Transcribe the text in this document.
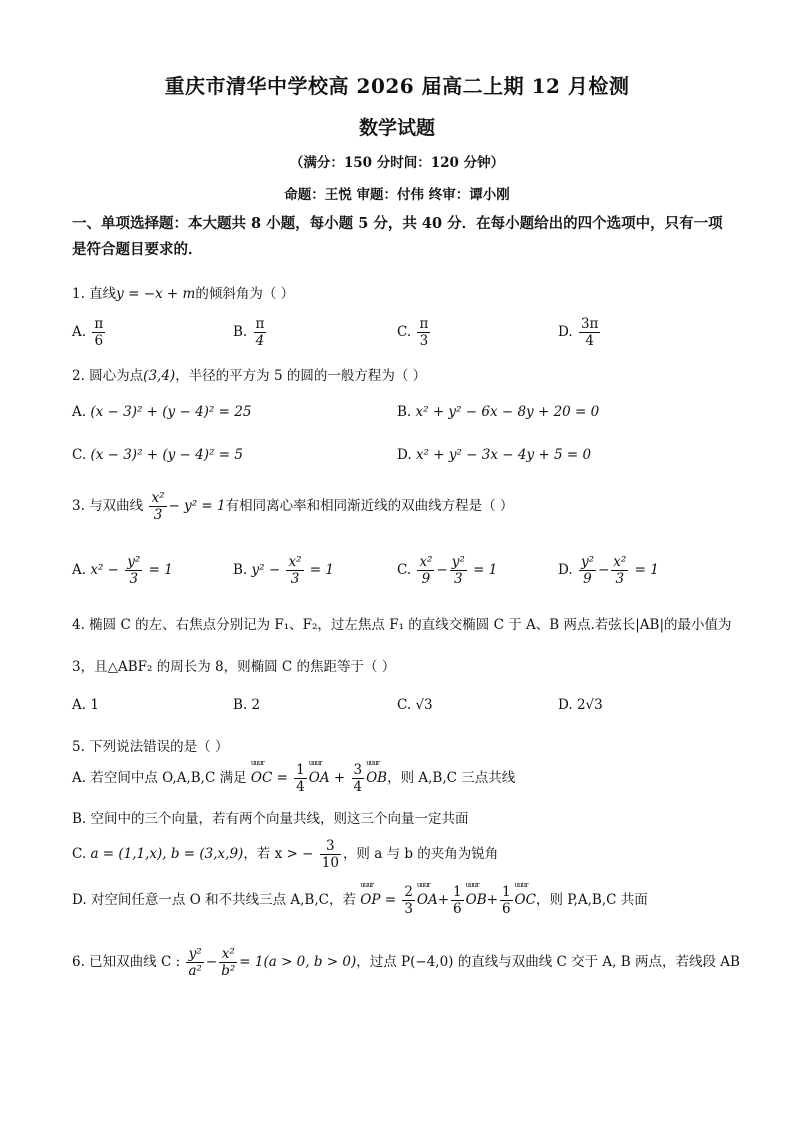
重庆市清华中学校高 2026 届高二上期 12 月检测
数学试题
（满分：150 分时间：120 分钟）
命题：王悦 审题：付伟 终审：谭小刚
一、单项选择题：本大题共 8 小题，每小题 5 分，共 40 分．在每小题给出的四个选项中，只有一项是符合题目要求的．
1. 直线y = −x + m的倾斜角为（ ）
A. $\frac{\pi}{6}$	B. $\frac{\pi}{4}$	C. $\frac{\pi}{3}$	D. $\frac{3\pi}{4}$
2. 圆心为点(3,4)，半径的平方为 5 的圆的一般方程为（ ）
A. (x − 3)² + (y − 4)² = 25	B. x² + y² − 6x − 8y + 20 = 0
C. (x − 3)² + (y − 4)² = 5	D. x² + y² − 3x − 4y + 5 = 0
3. 与双曲线 $\frac{\text{x²}}{3} - y^2 = 1$有相同离心率和相同渐近线的双曲线方程是（ ）
A. $x^2 - \frac{\text{y²}}{3} = 1$	B. $y^2 - \frac{\text{x²}}{3} = 1$	C. $\frac{\text{x²}}{9} - \frac{\text{y²}}{3} = 1$	D. $\frac{\text{y²}}{9} - \frac{\text{x²}}{3} = 1$
4. 椭圆 C 的左、右焦点分别记为 F₁、F₂，过左焦点 F₁ 的直线交椭圆 C 于 A、B 两点.若弦长|AB|的最小值为
3，且△ABF₂ 的周长为 8，则椭圆 C 的焦距等于（ ）
A. 1	B. 2	C. √3	D. 2√3
5. 下列说法错误的是（ ）
A. 若空间中点 O,A,B,C 满足 uuur OC = $\frac{1}{4}$ uuur OA + $\frac{3}{4}$ uuur OB，则 A,B,C 三点共线
B. 空间中的三个向量，若有两个向量共线，则这三个向量一定共面
C. a = (1,1,x), b = (3,x,9)，若 x > − $\frac{3}{10}$ ，则 a 与 b 的夹角为锐角
D. 对空间任意一点 O 和不共线三点 A,B,C，若 uuur OP = $\frac{2}{3}$ uuur $OA+ \frac{1}{6}$ uuur $OB+ \frac{1}{6}$ uuur OC，则 P,A,B,C 共面
6. 已知双曲线 C : $\frac{\text{y²}}{\text{a²}} - \frac{\text{x²}}{\text{b²}} = 1(a > 0$, b > 0)，过点 P(−4,0) 的直线与双曲线 C 交于 A, B 两点，若线段 AB
